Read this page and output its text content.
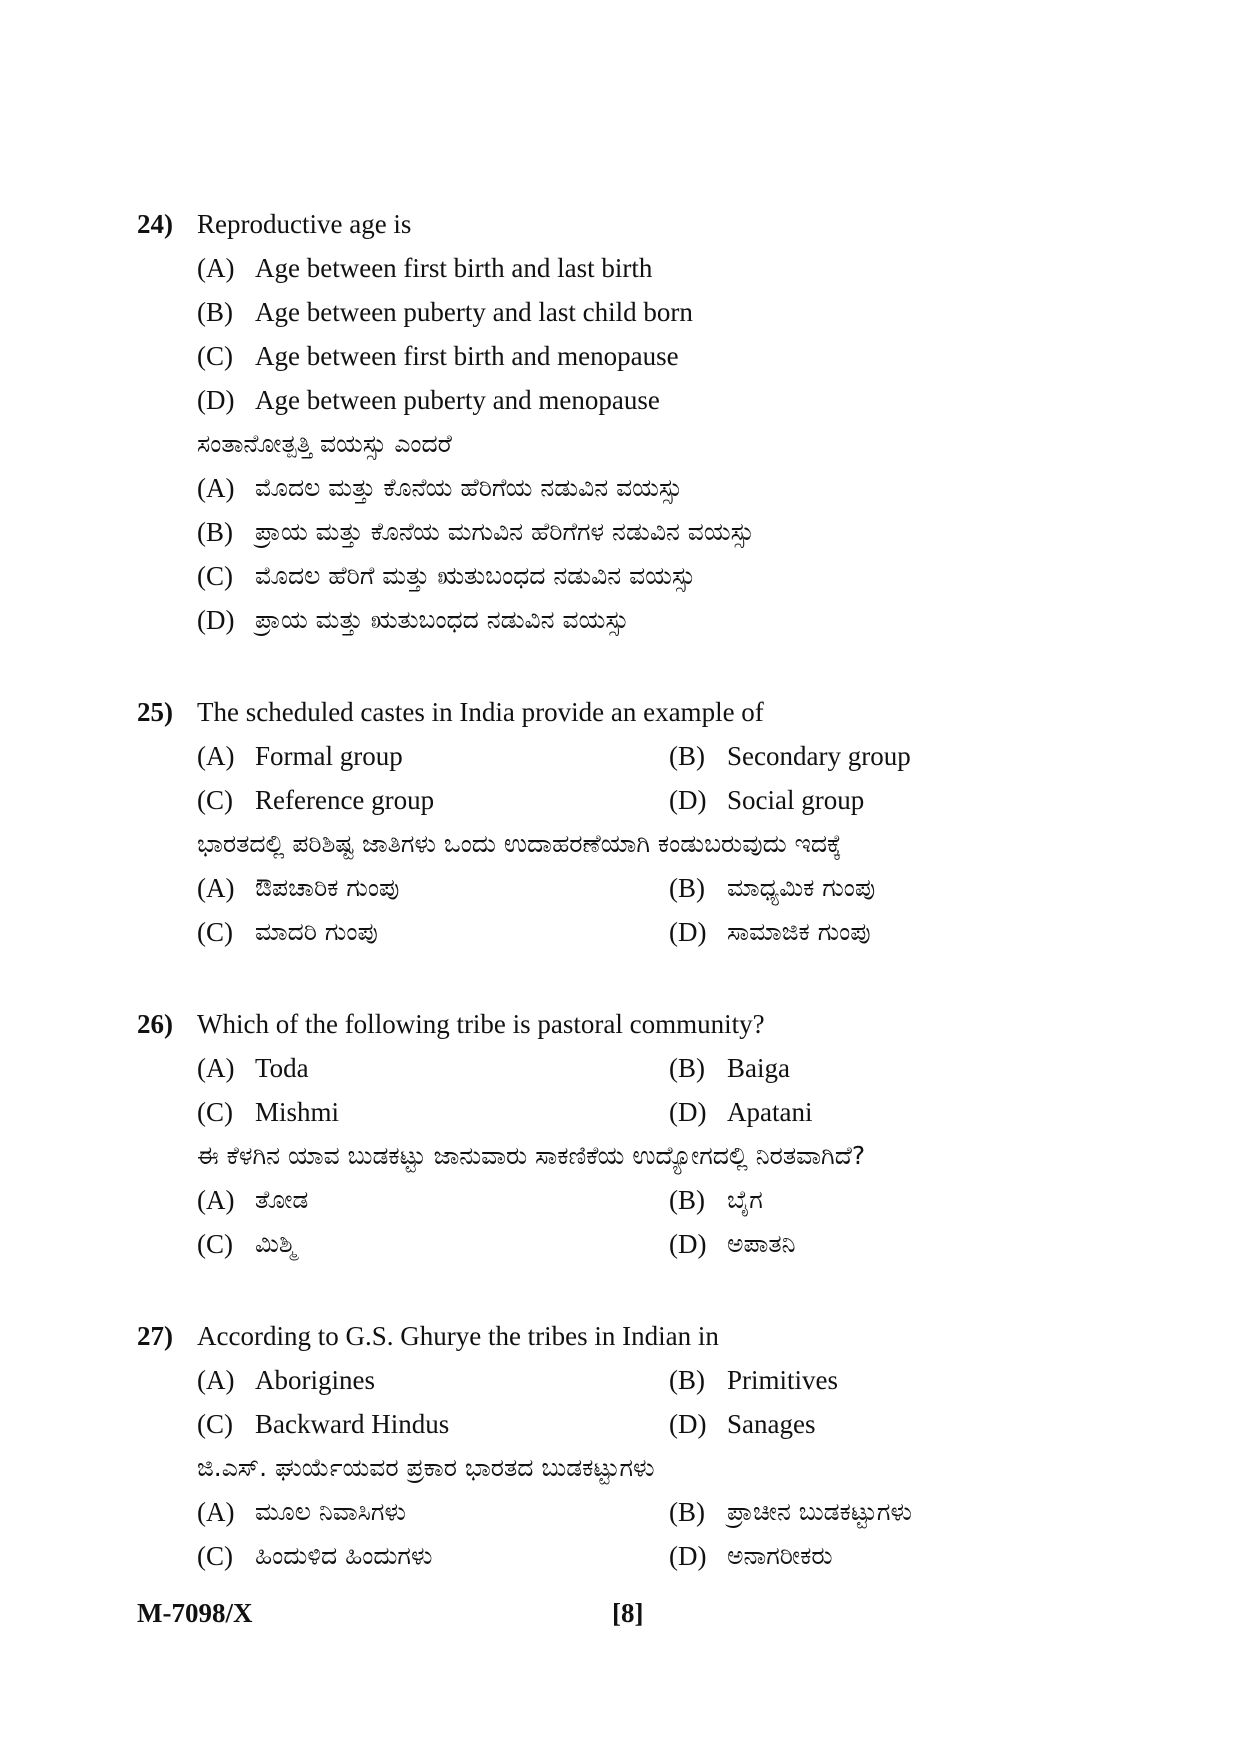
24) Reproductive age is
(A) Age between first birth and last birth
(B) Age between puberty and last child born
(C) Age between first birth and menopause
(D) Age between puberty and menopause
ಸಂತಾನೋತ್ಪತ್ತಿ ವಯಸ್ಸು ಎಂದರೆ
(A) ಮೊದಲ ಮತ್ತು ಕೊನೆಯ ಹೆರಿಗೆಯ ನಡುವಿನ ವಯಸ್ಸು
(B) ಪ್ರಾಯ ಮತ್ತು ಕೊನೆಯ ಮಗುವಿನ ಹೆರಿಗೆಗಳ ನಡುವಿನ ವಯಸ್ಸು
(C) ಮೊದಲ ಹೆರಿಗೆ ಮತ್ತು ಋತುಬಂಧದ ನಡುವಿನ ವಯಸ್ಸು
(D) ಪ್ರಾಯ ಮತ್ತು ಋತುಬಂಧದ ನಡುವಿನ ವಯಸ್ಸು
25) The scheduled castes in India provide an example of
(A) Formal group	(B) Secondary group
(C) Reference group	(D) Social group
ಭಾರತದಲ್ಲಿ ಪರಿಶಿಷ್ಟ ಜಾತಿಗಳು ಒಂದು ಉದಾಹರಣೆಯಾಗಿ ಕಂಡುಬರುವುದು ಇದಕ್ಕೆ
(A) ಔಪಚಾರಿಕ ಗುಂಪು	(B) ಮಾಧ್ಯಮಿಕ ಗುಂಪು
(C) ಮಾದರಿ ಗುಂಪು	(D) ಸಾಮಾಜಿಕ ಗುಂಪು
26) Which of the following tribe is pastoral community?
(A) Toda	(B) Baiga
(C) Mishmi	(D) Apatani
ಈ ಕೆಳಗಿನ ಯಾವ ಬುಡಕಟ್ಟು ಜಾನುವಾರು ಸಾಕಣಿಕೆಯ ಉದ್ಯೋಗದಲ್ಲಿ ನಿರತವಾಗಿದೆ?
(A) ತೋಡ	(B) ಬೈಗ
(C) ಮಿಶ್ಮಿ	(D) ಅಪಾತನಿ
27) According to G.S. Ghurye the tribes in Indian in
(A) Aborigines	(B) Primitives
(C) Backward Hindus	(D) Sanages
ಜಿ.ಎಸ್. ಘುರ್ಯೆಯವರ ಪ್ರಕಾರ ಭಾರತದ ಬುಡಕಟ್ಟುಗಳು
(A) ಮೂಲ ನಿವಾಸಿಗಳು	(B) ಪ್ರಾಚೀನ ಬುಡಕಟ್ಟುಗಳು
(C) ಹಿಂದುಳಿದ ಹಿಂದುಗಳು	(D) ಅನಾಗರೀಕರು
M-7098/X	[8]
